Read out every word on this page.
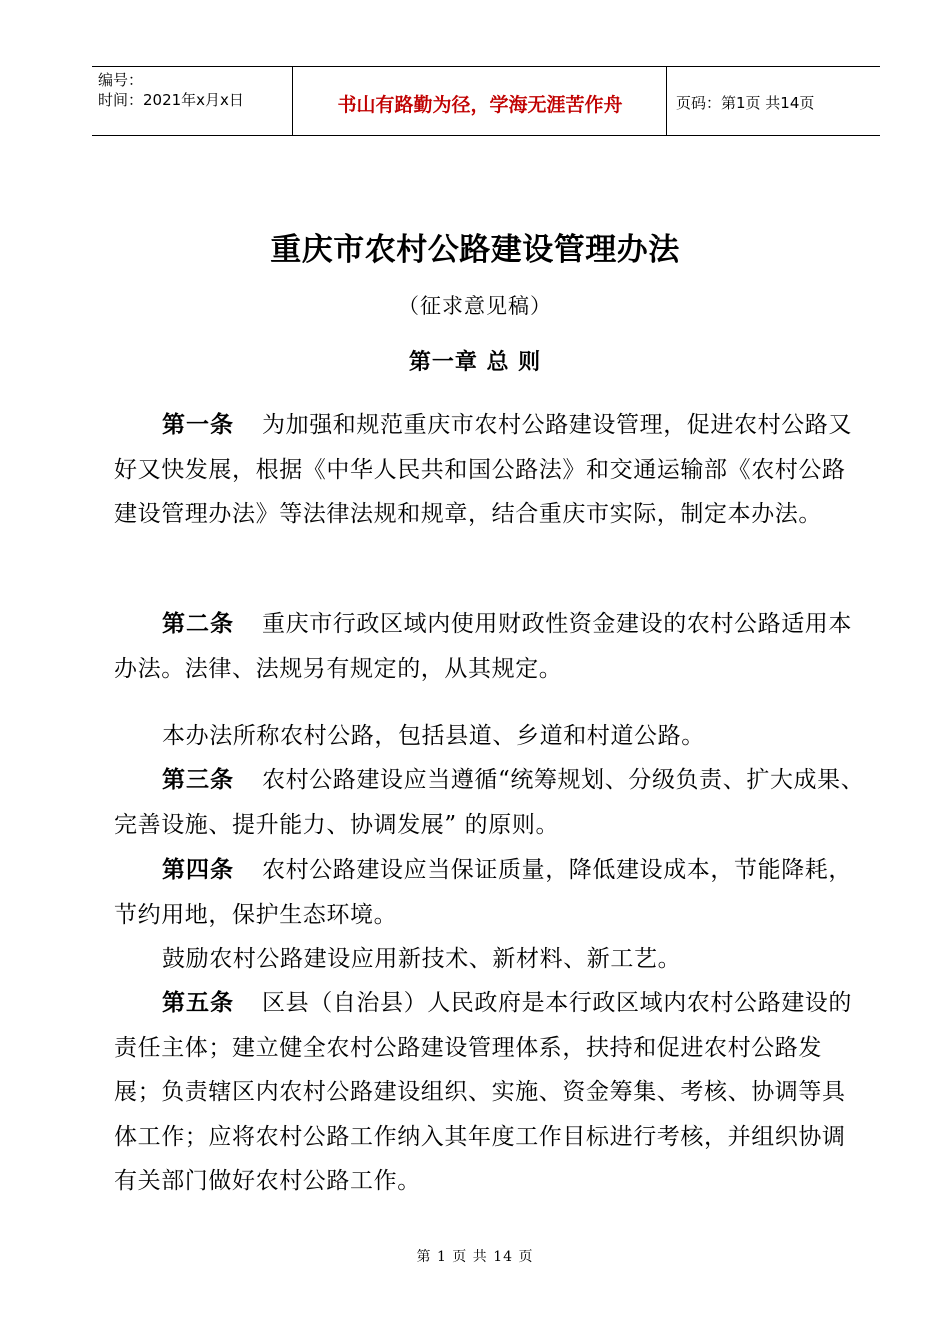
编号：
时间：2021年x月x日	书山有路勤为径，学海无涯苦作舟	页码：第1页 共14页
重庆市农村公路建设管理办法
（征求意见稿）
第一章 总 则
第一条 为加强和规范重庆市农村公路建设管理，促进农村公路又好又快发展，根据《中华人民共和国公路法》和交通运输部《农村公路建设管理办法》等法律法规和规章，结合重庆市实际，制定本办法。
第二条 重庆市行政区域内使用财政性资金建设的农村公路适用本办法。法律、法规另有规定的，从其规定。
本办法所称农村公路，包括县道、乡道和村道公路。
第三条 农村公路建设应当遵循“统筹规划、分级负责、扩大成果、完善设施、提升能力、协调发展” 的原则。
第四条 农村公路建设应当保证质量，降低建设成本，节能降耗，节约用地，保护生态环境。
鼓励农村公路建设应用新技术、新材料、新工艺。
第五条 区县（自治县）人民政府是本行政区域内农村公路建设的责任主体；建立健全农村公路建设管理体系，扶持和促进农村公路发展；负责辖区内农村公路建设组织、实施、资金筹集、考核、协调等具体工作；应将农村公路工作纳入其年度工作目标进行考核，并组织协调有关部门做好农村公路工作。
第 1 页 共 14 页
